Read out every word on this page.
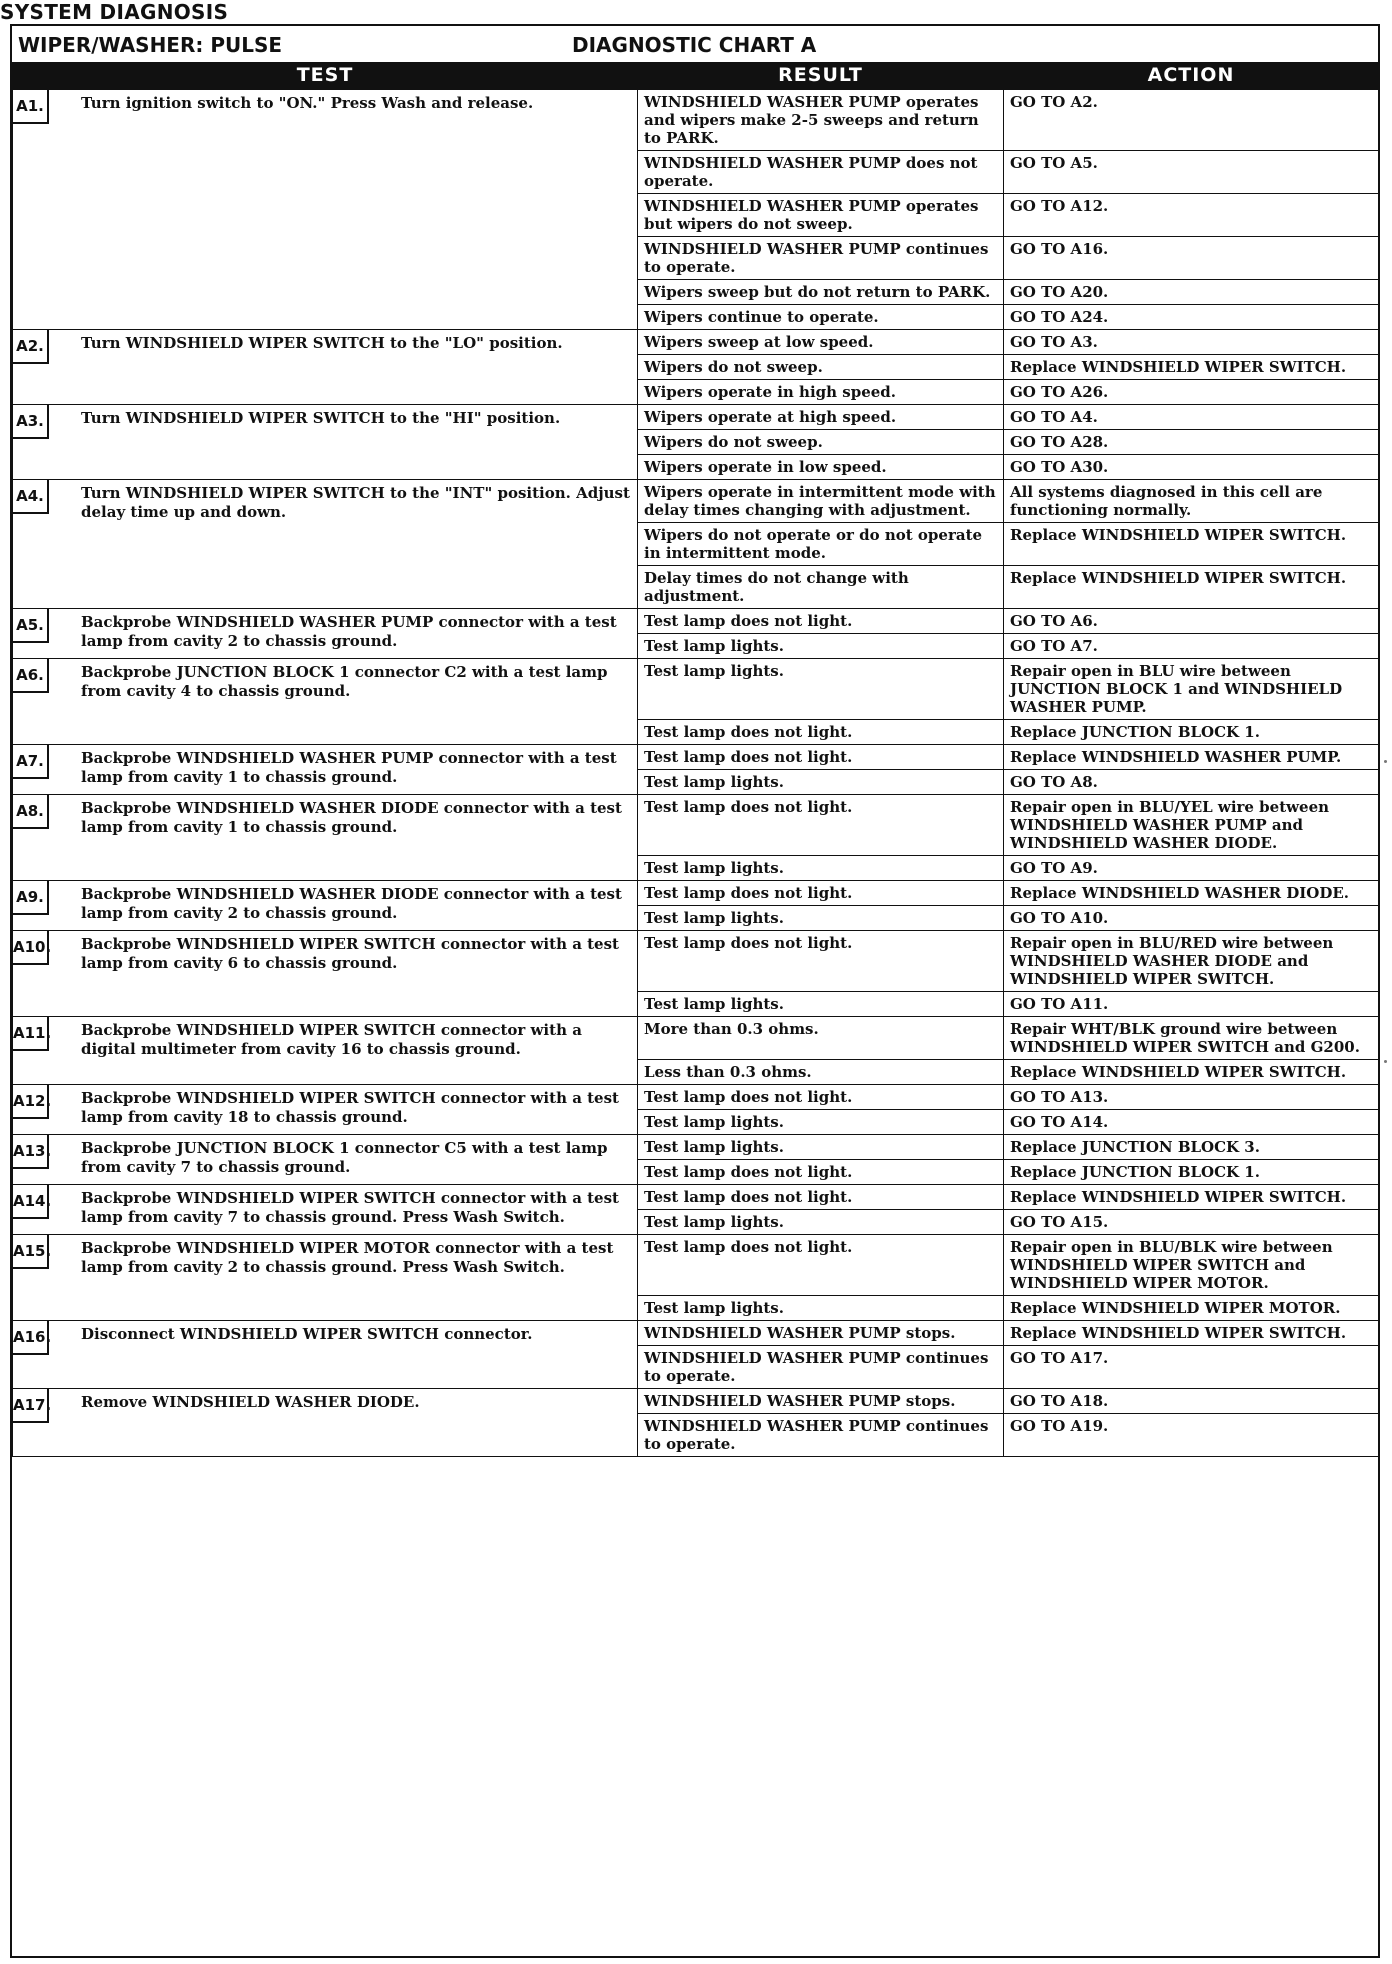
SYSTEM DIAGNOSIS
WIPER/WASHER: PULSE	DIAGNOSTIC CHART A
TEST	RESULT	ACTION

A1. Turn ignition switch to "ON." Press Wash and release.	WINDSHIELD WASHER PUMP operates and wipers make 2-5 sweeps and return to PARK.	GO TO A2.
	WINDSHIELD WASHER PUMP does not operate.	GO TO A5.
	WINDSHIELD WASHER PUMP operates but wipers do not sweep.	GO TO A12.
	WINDSHIELD WASHER PUMP continues to operate.	GO TO A16.
	Wipers sweep but do not return to PARK.	GO TO A20.
	Wipers continue to operate.	GO TO A24.

A2. Turn WINDSHIELD WIPER SWITCH to the "LO" position.	Wipers sweep at low speed.	GO TO A3.
	Wipers do not sweep.	Replace WINDSHIELD WIPER SWITCH.
	Wipers operate in high speed.	GO TO A26.

A3. Turn WINDSHIELD WIPER SWITCH to the "HI" position.	Wipers operate at high speed.	GO TO A4.
	Wipers do not sweep.	GO TO A28.
	Wipers operate in low speed.	GO TO A30.

A4. Turn WINDSHIELD WIPER SWITCH to the "INT" position. Adjust delay time up and down.	Wipers operate in intermittent mode with delay times changing with adjustment.	All systems diagnosed in this cell are functioning normally.
	Wipers do not operate or do not operate in intermittent mode.	Replace WINDSHIELD WIPER SWITCH.
	Delay times do not change with adjustment.	Replace WINDSHIELD WIPER SWITCH.

A5. Backprobe WINDSHIELD WASHER PUMP connector with a test lamp from cavity 2 to chassis ground.	Test lamp does not light.	GO TO A6.
	Test lamp lights.	GO TO A7.

A6. Backprobe JUNCTION BLOCK 1 connector C2 with a test lamp from cavity 4 to chassis ground.	Test lamp lights.	Repair open in BLU wire between JUNCTION BLOCK 1 and WINDSHIELD WASHER PUMP.
	Test lamp does not light.	Replace JUNCTION BLOCK 1.

A7. Backprobe WINDSHIELD WASHER PUMP connector with a test lamp from cavity 1 to chassis ground.	Test lamp does not light.	Replace WINDSHIELD WASHER PUMP.
	Test lamp lights.	GO TO A8.

A8. Backprobe WINDSHIELD WASHER DIODE connector with a test lamp from cavity 1 to chassis ground.	Test lamp does not light.	Repair open in BLU/YEL wire between WINDSHIELD WASHER PUMP and WINDSHIELD WASHER DIODE.
	Test lamp lights.	GO TO A9.

A9. Backprobe WINDSHIELD WASHER DIODE connector with a test lamp from cavity 2 to chassis ground.	Test lamp does not light.	Replace WINDSHIELD WASHER DIODE.
	Test lamp lights.	GO TO A10.

A10. Backprobe WINDSHIELD WIPER SWITCH connector with a test lamp from cavity 6 to chassis ground.	Test lamp does not light.	Repair open in BLU/RED wire between WINDSHIELD WASHER DIODE and WINDSHIELD WIPER SWITCH.
	Test lamp lights.	GO TO A11.

A11. Backprobe WINDSHIELD WIPER SWITCH connector with a digital multimeter from cavity 16 to chassis ground.	More than 0.3 ohms.	Repair WHT/BLK ground wire between WINDSHIELD WIPER SWITCH and G200.
	Less than 0.3 ohms.	Replace WINDSHIELD WIPER SWITCH.

A12. Backprobe WINDSHIELD WIPER SWITCH connector with a test lamp from cavity 18 to chassis ground.	Test lamp does not light.	GO TO A13.
	Test lamp lights.	GO TO A14.

A13. Backprobe JUNCTION BLOCK 1 connector C5 with a test lamp from cavity 7 to chassis ground.	Test lamp lights.	Replace JUNCTION BLOCK 3.
	Test lamp does not light.	Replace JUNCTION BLOCK 1.

A14. Backprobe WINDSHIELD WIPER SWITCH connector with a test lamp from cavity 7 to chassis ground. Press Wash Switch.	Test lamp does not light.	Replace WINDSHIELD WIPER SWITCH.
	Test lamp lights.	GO TO A15.

A15. Backprobe WINDSHIELD WIPER MOTOR connector with a test lamp from cavity 2 to chassis ground. Press Wash Switch.	Test lamp does not light.	Repair open in BLU/BLK wire between WINDSHIELD WIPER SWITCH and WINDSHIELD WIPER MOTOR.
	Test lamp lights.	Replace WINDSHIELD WIPER MOTOR.

A16. Disconnect WINDSHIELD WIPER SWITCH connector.	WINDSHIELD WASHER PUMP stops.	Replace WINDSHIELD WIPER SWITCH.
	WINDSHIELD WASHER PUMP continues to operate.	GO TO A17.

A17. Remove WINDSHIELD WASHER DIODE.	WINDSHIELD WASHER PUMP stops.	GO TO A18.
	WINDSHIELD WASHER PUMP continues to operate.	GO TO A19.
